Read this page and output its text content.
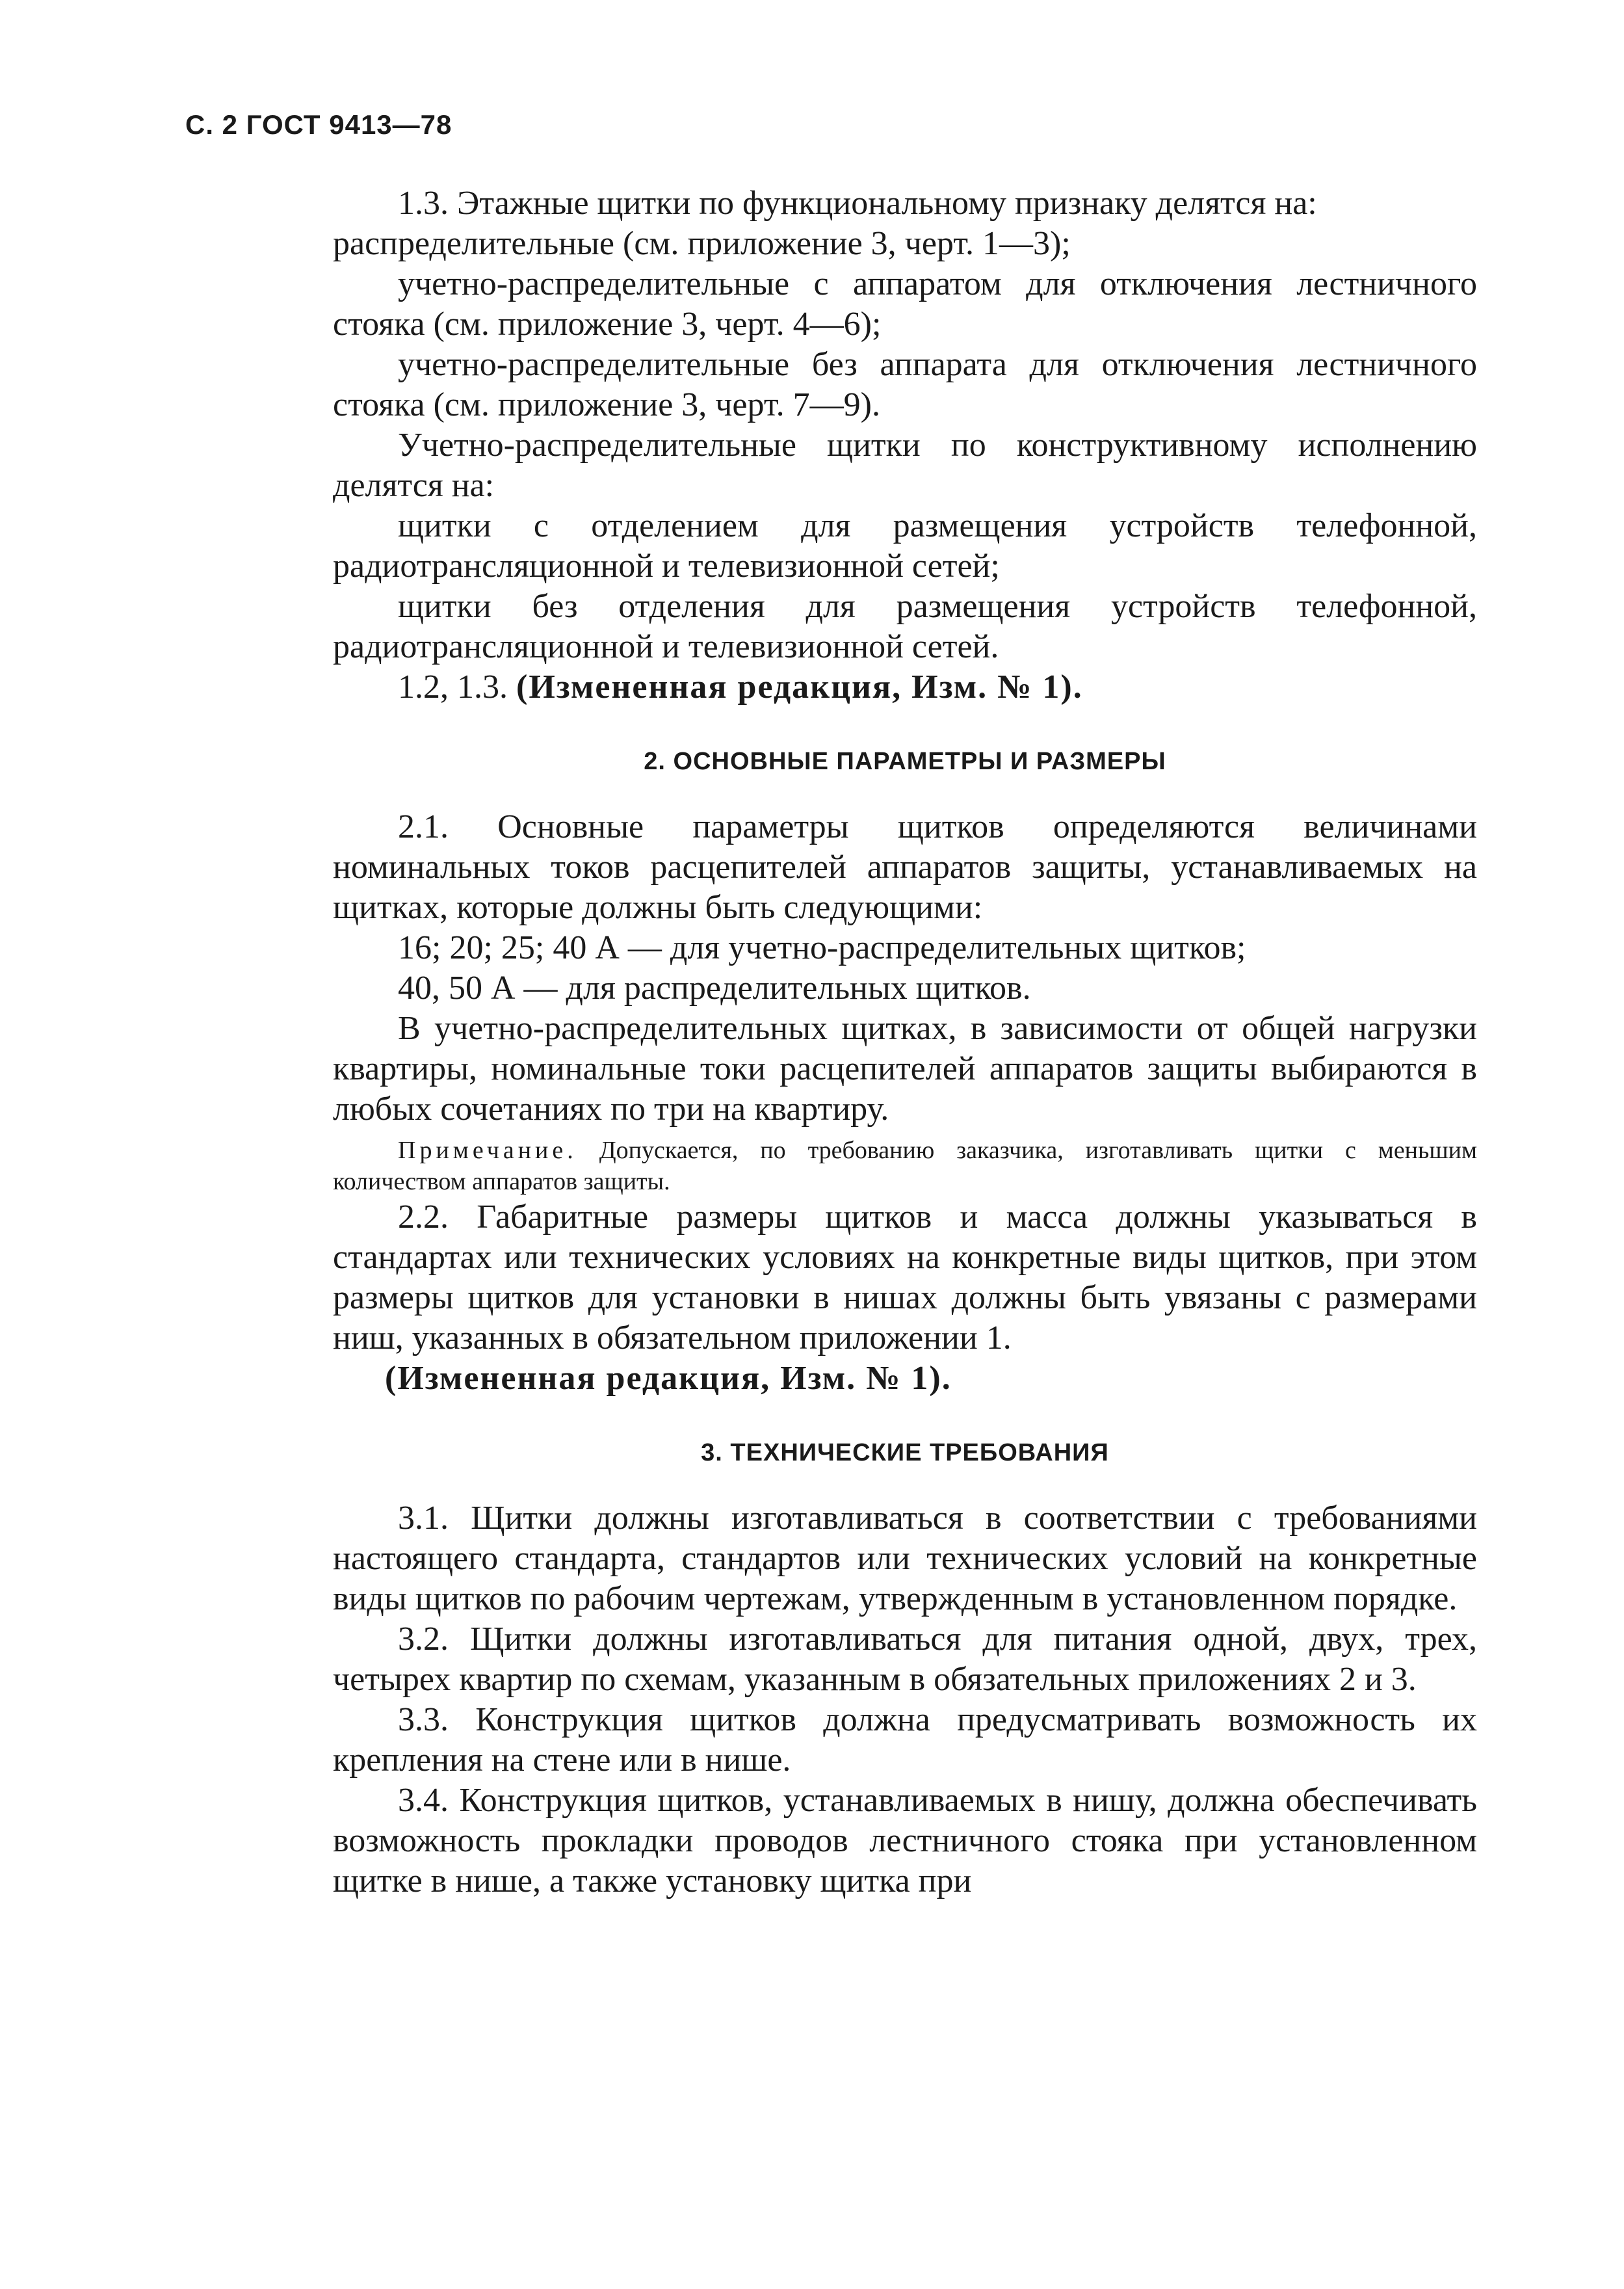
С. 2 ГОСТ 9413—78

1.3. Этажные щитки по функциональному признаку делятся на:

распределительные (см. приложение 3, черт. 1—3);

учетно-распределительные с аппаратом для отключения лестничного стояка (см. приложение 3, черт. 4—6);

учетно-распределительные без аппарата для отключения лестничного стояка (см. приложение 3, черт. 7—9).

Учетно-распределительные щитки по конструктивному исполнению делятся на:

щитки с отделением для размещения устройств телефонной, радиотрансляционной и телевизионной сетей;

щитки без отделения для размещения устройств телефонной, радиотрансляционной и телевизионной сетей.

1.2, 1.3. (Измененная редакция, Изм. № 1).

2. ОСНОВНЫЕ ПАРАМЕТРЫ И РАЗМЕРЫ

2.1. Основные параметры щитков определяются величинами номинальных токов расцепителей аппаратов защиты, устанавливаемых на щитках, которые должны быть следующими:

16; 20; 25; 40 А — для учетно-распределительных щитков;

40, 50 А — для распределительных щитков.

В учетно-распределительных щитках, в зависимости от общей нагрузки квартиры, номинальные токи расцепителей аппаратов защиты выбираются в любых сочетаниях по три на квартиру.

Примечание. Допускается, по требованию заказчика, изготавливать щитки с меньшим количеством аппаратов защиты.

2.2. Габаритные размеры щитков и масса должны указываться в стандартах или технических условиях на конкретные виды щитков, при этом размеры щитков для установки в нишах должны быть увязаны с размерами ниш, указанных в обязательном приложении 1.

(Измененная редакция, Изм. № 1).

3. ТЕХНИЧЕСКИЕ ТРЕБОВАНИЯ

3.1. Щитки должны изготавливаться в соответствии с требованиями настоящего стандарта, стандартов или технических условий на конкретные виды щитков по рабочим чертежам, утвержденным в установленном порядке.

3.2. Щитки должны изготавливаться для питания одной, двух, трех, четырех квартир по схемам, указанным в обязательных приложениях 2 и 3.

3.3. Конструкция щитков должна предусматривать возможность их крепления на стене или в нише.

3.4. Конструкция щитков, устанавливаемых в нишу, должна обеспечивать возможность прокладки проводов лестничного стояка при установленном щитке в нише, а также установку щитка при
